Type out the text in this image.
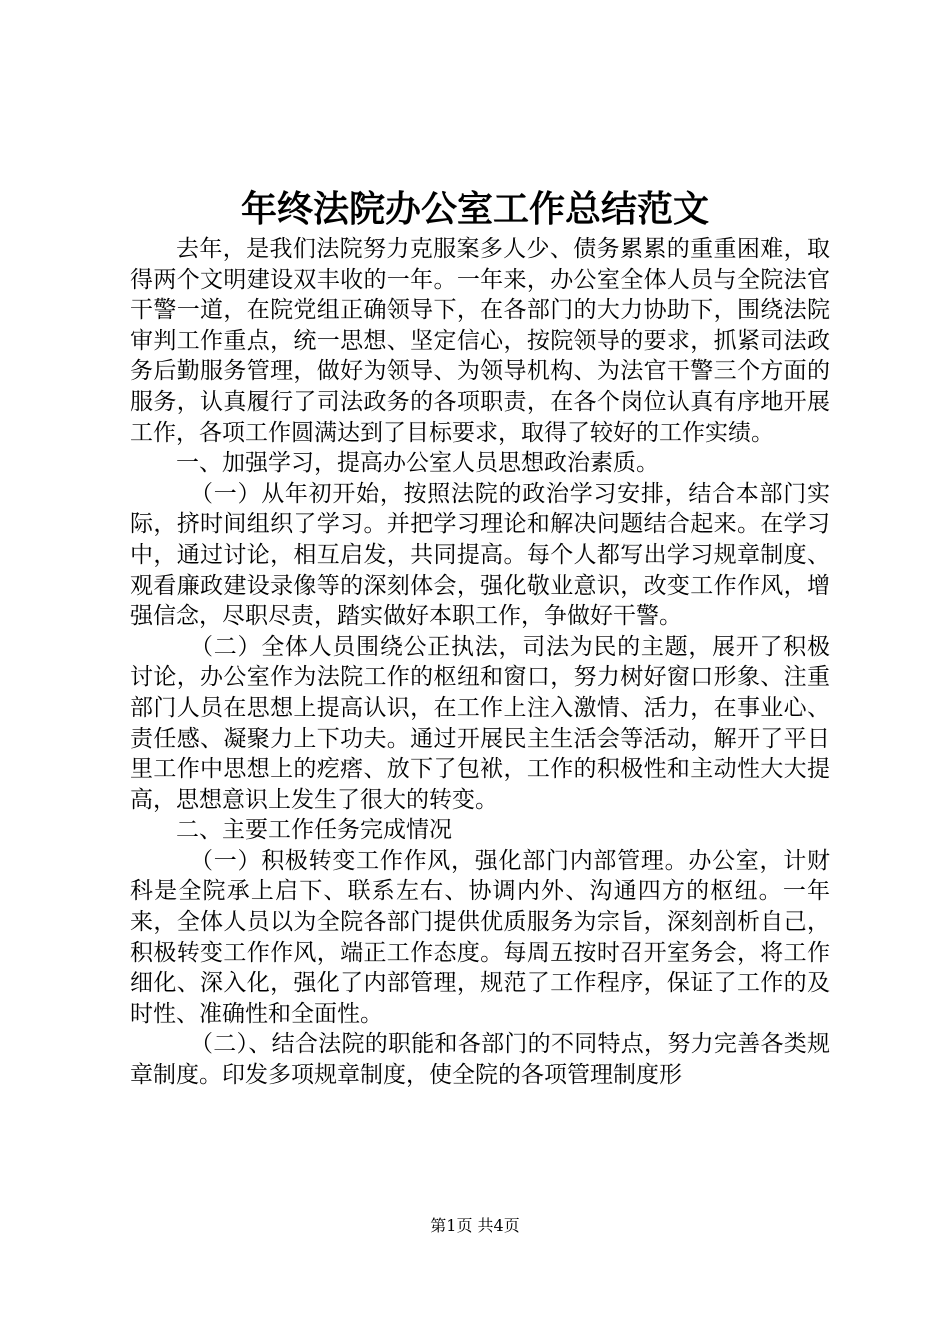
年终法院办公室工作总结范文

去年，是我们法院努力克服案多人少、债务累累的重重困难，取得两个文明建设双丰收的一年。一年来，办公室全体人员与全院法官干警一道，在院党组正确领导下，在各部门的大力协助下，围绕法院审判工作重点，统一思想、坚定信心，按院领导的要求，抓紧司法政务后勤服务管理，做好为领导、为领导机构、为法官干警三个方面的服务，认真履行了司法政务的各项职责，在各个岗位认真有序地开展工作，各项工作圆满达到了目标要求，取得了较好的工作实绩。

一、加强学习，提高办公室人员思想政治素质。

（一）从年初开始，按照法院的政治学习安排，结合本部门实际，挤时间组织了学习。并把学习理论和解决问题结合起来。在学习中，通过讨论，相互启发，共同提高。每个人都写出学习规章制度、观看廉政建设录像等的深刻体会，强化敬业意识，改变工作作风，增强信念，尽职尽责，踏实做好本职工作，争做好干警。

（二）全体人员围绕公正执法，司法为民的主题，展开了积极讨论，办公室作为法院工作的枢纽和窗口，努力树好窗口形象、注重部门人员在思想上提高认识，在工作上注入激情、活力，在事业心、责任感、凝聚力上下功夫。通过开展民主生活会等活动，解开了平日里工作中思想上的疙瘩、放下了包袱，工作的积极性和主动性大大提高，思想意识上发生了很大的转变。

二、主要工作任务完成情况

（一）积极转变工作作风，强化部门内部管理。办公室，计财科是全院承上启下、联系左右、协调内外、沟通四方的枢纽。一年来，全体人员以为全院各部门提供优质服务为宗旨，深刻剖析自己，积极转变工作作风，端正工作态度。每周五按时召开室务会，将工作细化、深入化，强化了内部管理，规范了工作程序，保证了工作的及时性、准确性和全面性。

（二）、结合法院的职能和各部门的不同特点，努力完善各类规章制度。印发多项规章制度，使全院的各项管理制度形

第1页 共4页
